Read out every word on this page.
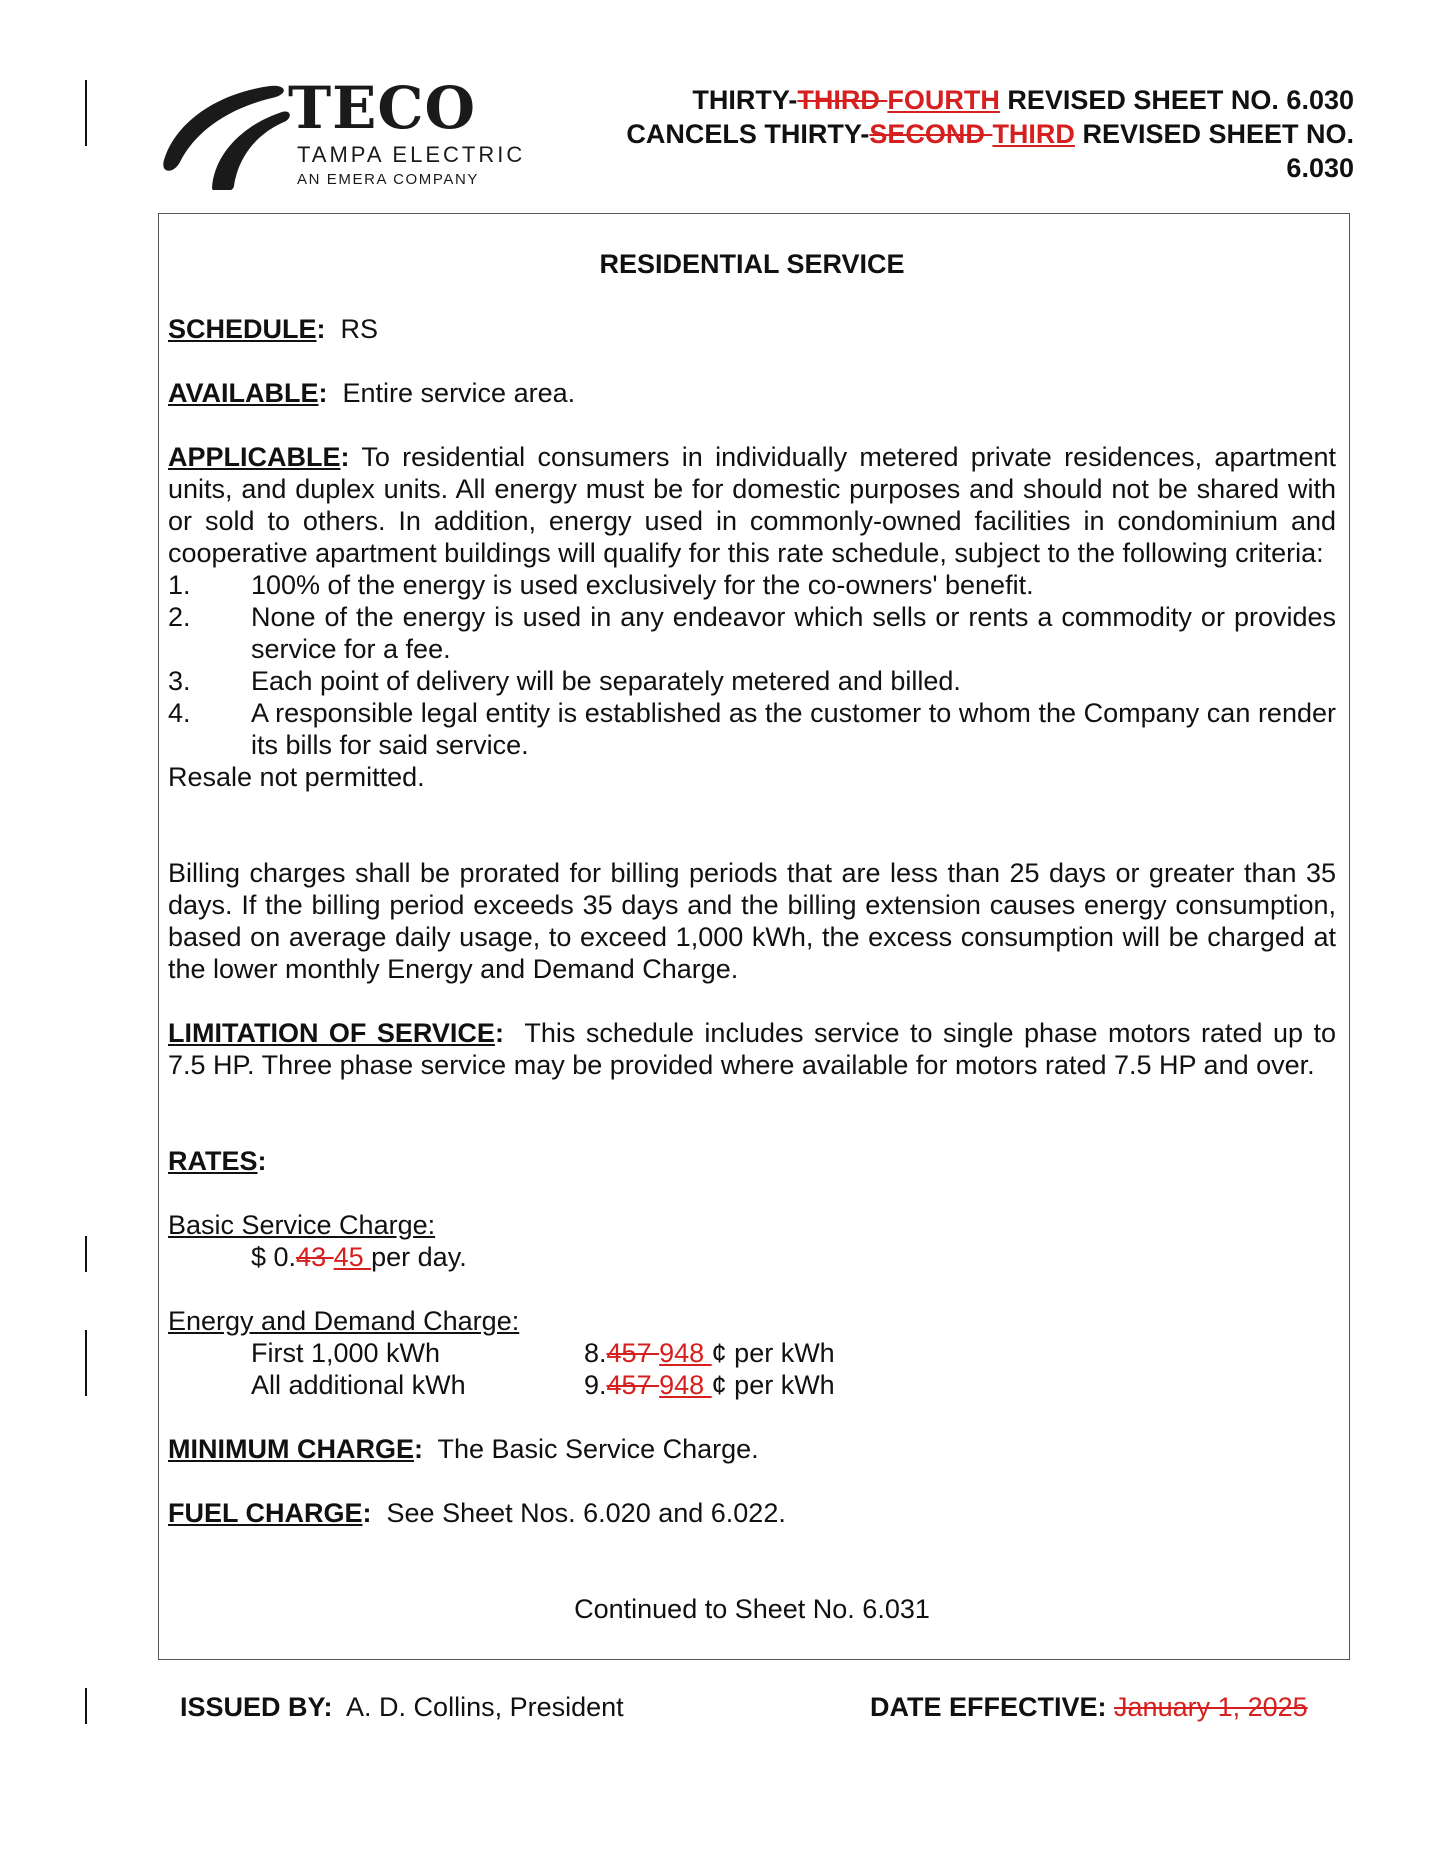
TECO
TAMPA ELECTRIC
AN EMERA COMPANY
THIRTY-THIRD FOURTH REVISED SHEET NO. 6.030
CANCELS THIRTY-SECOND THIRD REVISED SHEET NO.
6.030
RESIDENTIAL SERVICE
SCHEDULE: RS
AVAILABLE: Entire service area.
APPLICABLE: To residential consumers in individually metered private residences, apartment units, and duplex units. All energy must be for domestic purposes and should not be shared with or sold to others. In addition, energy used in commonly-owned facilities in condominium and cooperative apartment buildings will qualify for this rate schedule, subject to the following criteria:
1. 100% of the energy is used exclusively for the co-owners' benefit.
2. None of the energy is used in any endeavor which sells or rents a commodity or provides service for a fee.
3. Each point of delivery will be separately metered and billed.
4. A responsible legal entity is established as the customer to whom the Company can render its bills for said service.
Resale not permitted.
Billing charges shall be prorated for billing periods that are less than 25 days or greater than 35 days. If the billing period exceeds 35 days and the billing extension causes energy consumption, based on average daily usage, to exceed 1,000 kWh, the excess consumption will be charged at the lower monthly Energy and Demand Charge.
LIMITATION OF SERVICE: This schedule includes service to single phase motors rated up to 7.5 HP. Three phase service may be provided where available for motors rated 7.5 HP and over.
RATES:
Basic Service Charge:
$ 0.43 45 per day.
Energy and Demand Charge:
First 1,000 kWh	8.457 948 ¢ per kWh
All additional kWh	9.457 948 ¢ per kWh
MINIMUM CHARGE: The Basic Service Charge.
FUEL CHARGE: See Sheet Nos. 6.020 and 6.022.
Continued to Sheet No. 6.031
ISSUED BY: A. D. Collins, President	DATE EFFECTIVE: January 1, 2025
